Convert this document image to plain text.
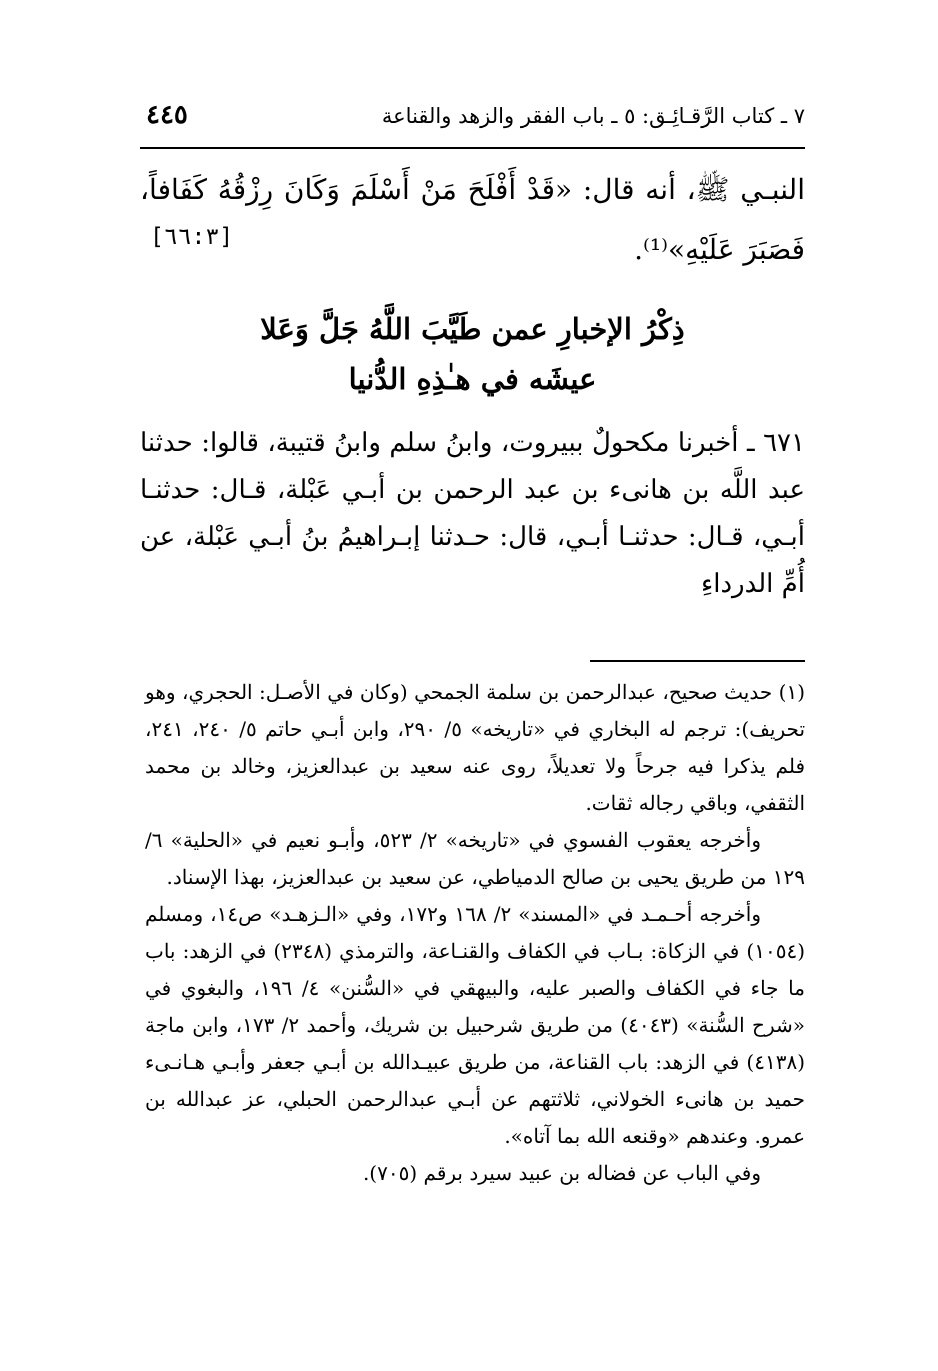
٧ ـ كتاب الرَّقـائِـق: ٥ ـ باب الفقر والزهد والقناعة
٤٤٥
النبـي ﷺ، أنه قال: «قَدْ أَفْلَحَ مَنْ أَسْلَمَ وَكَانَ رِزْقُهُ كَفَافاً، فَصَبَرَ عَلَيْهِ»⁽¹⁾.
[٦٦:٣]
ذِكْرُ الإخبارِ عمن طَيَّبَ اللَّهُ جَلَّ وَعَلا
عيشَه في هـٰذِهِ الدُّنيا
٦٧١ ـ أخبرنا مكحولٌ ببيروت، وابنُ سلم وابنُ قتيبة، قالوا: حدثنا عبد اللَّه بن هانىء بن عبد الرحمن بن أبـي عَبْلة، قـال: حدثنـا أبـي، قـال: حدثنـا أبـي، قال: حـدثنا إبـراهيمُ بنُ أبـي عَبْلة، عن أُمِّ الدرداءِ

(١) حديث صحيح، عبدالرحمن بن سلمة الجمحي (وكان في الأصـل: الحجري، وهو تحريف): ترجم له البخاري في «تاريخه» ٥/ ٢٩٠، وابن أبـي حاتم ٥/ ٢٤٠، ٢٤١، فلم يذكرا فيه جرحاً ولا تعديلاً، روى عنه سعيد بن عبدالعزيز، وخالد بن محمد الثقفي، وباقي رجاله ثقات.

وأخرجه يعقوب الفسوي في «تاريخه» ٢/ ٥٢٣، وأبـو نعيم في «الحلية» ٦/ ١٢٩ من طريق يحيى بن صالح الدمياطي، عن سعيد بن عبدالعزيز، بهذا الإسناد.

وأخرجه أحـمـد في «المسند» ٢/ ١٦٨ و١٧٢، وفي «الـزهـد» ص١٤، ومسلم (١٠٥٤) في الزكاة: بـاب في الكفاف والقنـاعة، والترمذي (٢٣٤٨) في الزهد: باب ما جاء في الكفاف والصبر عليه، والبيهقي في «السُّنن» ٤/ ١٩٦، والبغوي في «شرح السُّنة» (٤٠٤٣) من طريق شرحبيل بن شريك، وأحمد ٢/ ١٧٣، وابن ماجة (٤١٣٨) في الزهد: باب القناعة، من طريق عبيـدالله بن أبـي جعفر وأبـي هـانـىء حميد بن هانىء الخولاني، ثلاثتهم عن أبـي عبدالرحمن الحبلي، عز عبدالله بن عمرو. وعندهم «وقنعه الله بما آتاه».

وفي الباب عن فضاله بن عبيد سيرد برقم (٧٠٥).
